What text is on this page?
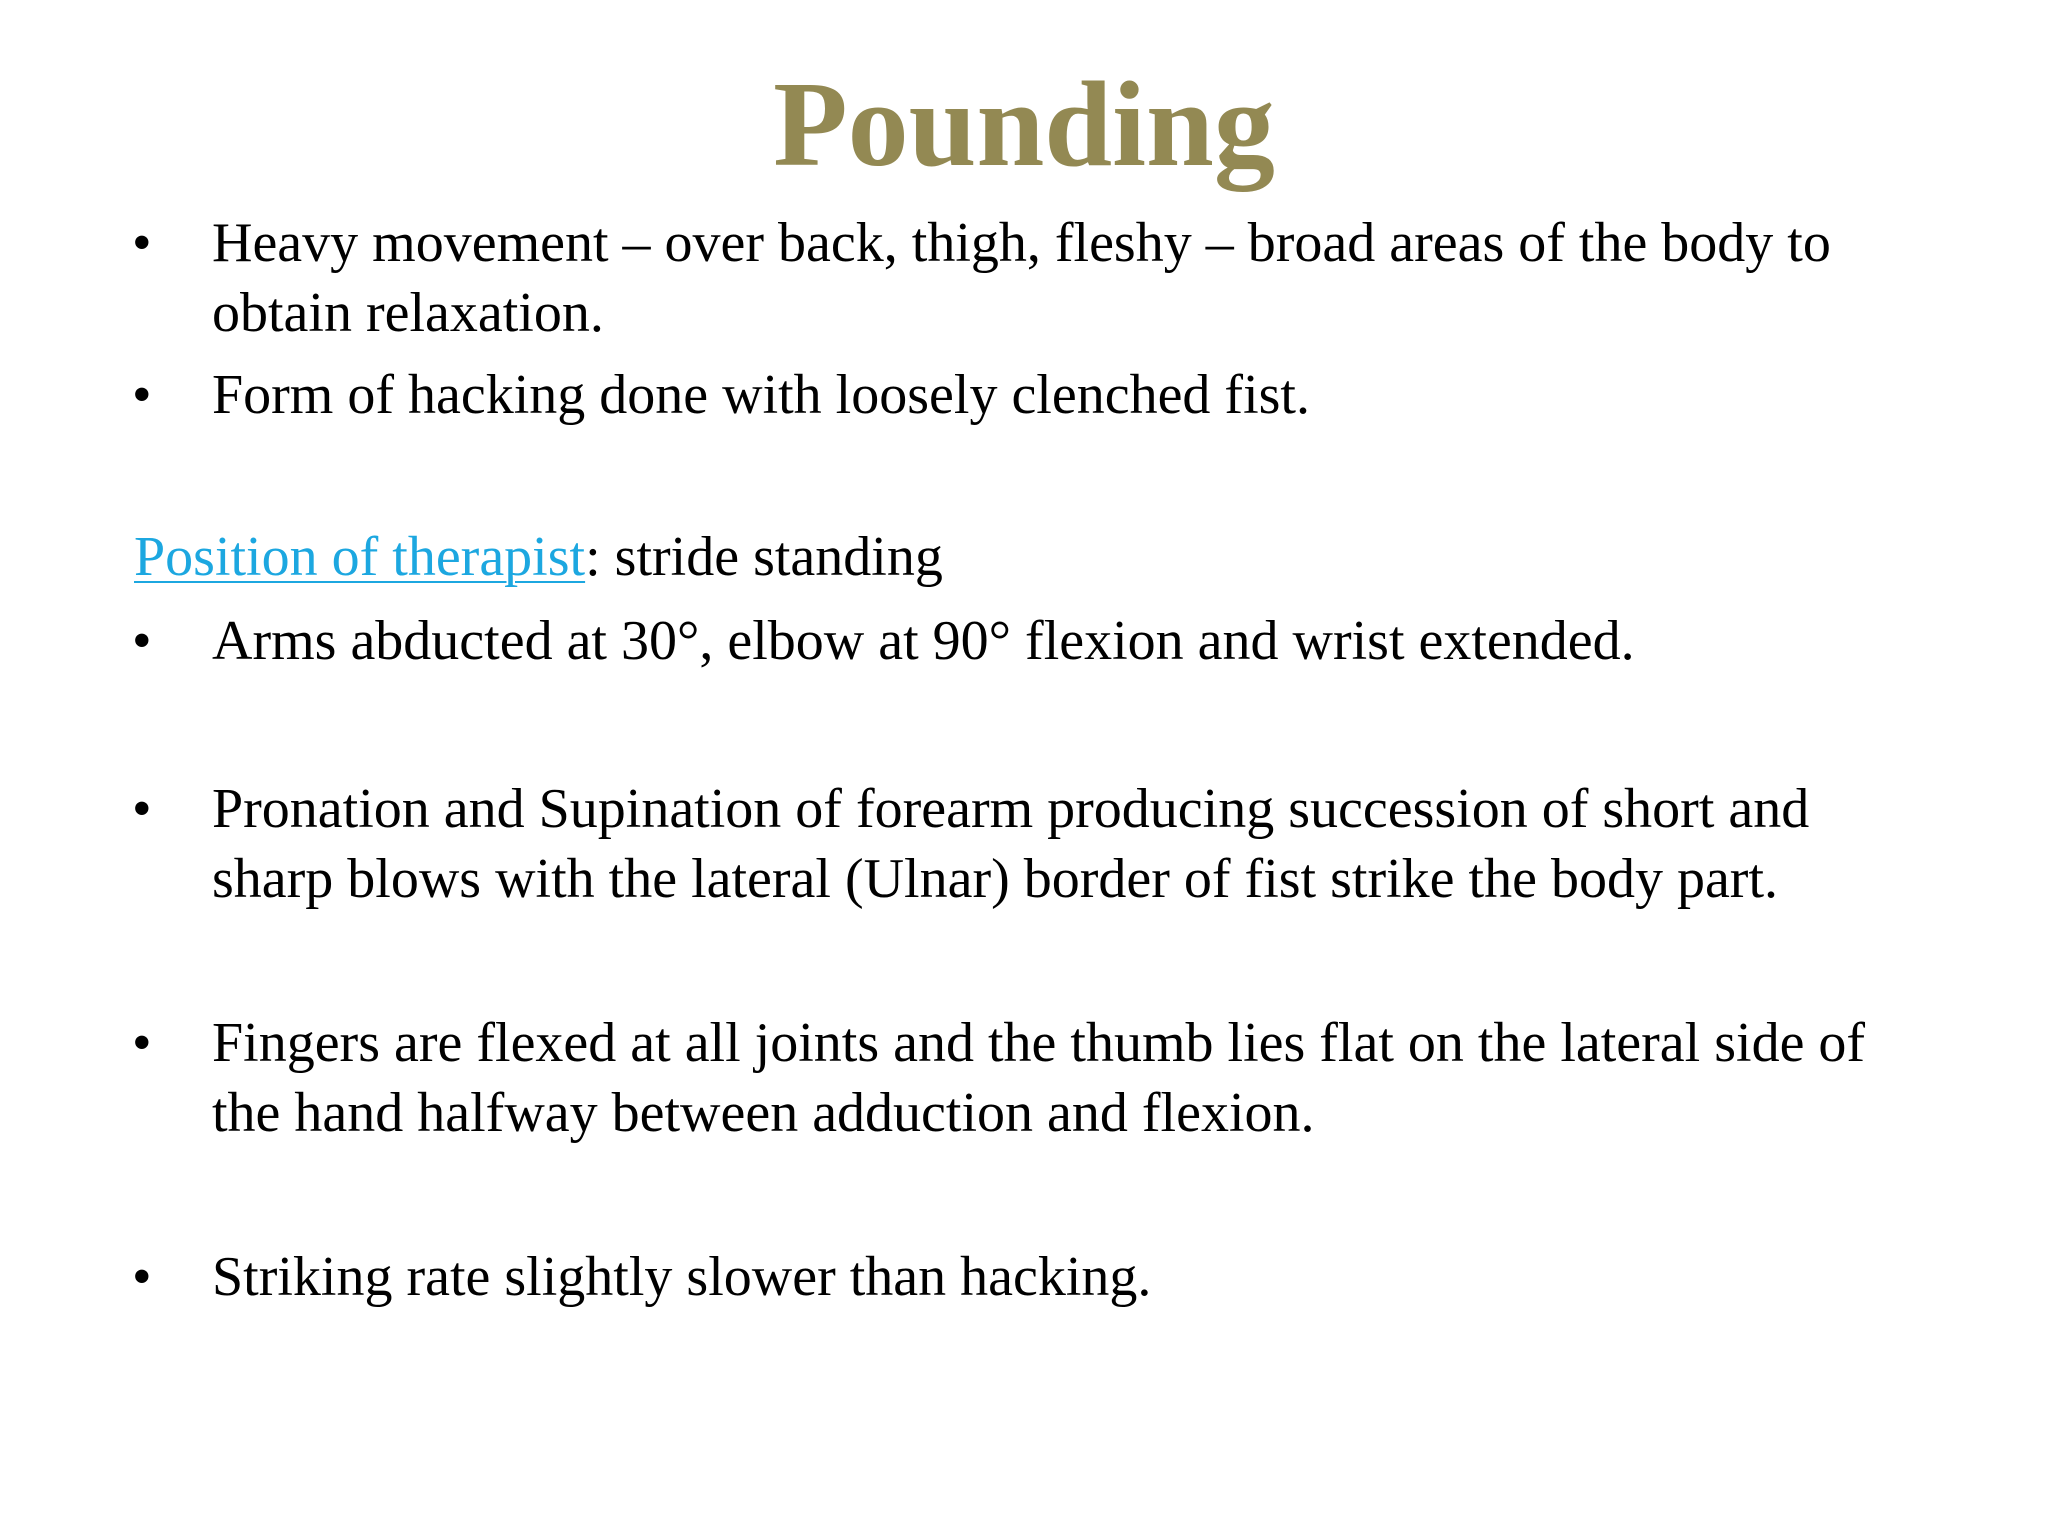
Pounding
• Heavy movement – over back, thigh, fleshy – broad areas of the body to
obtain relaxation.
• Form of hacking done with loosely clenched fist.
Position of therapist: stride standing
• Arms abducted at 30°, elbow at 90° flexion and wrist extended.
• Pronation and Supination of forearm producing succession of short and
sharp blows with the lateral (Ulnar) border of fist strike the body part.
• Fingers are flexed at all joints and the thumb lies flat on the lateral side of
the hand halfway between adduction and flexion.
• Striking rate slightly slower than hacking.
